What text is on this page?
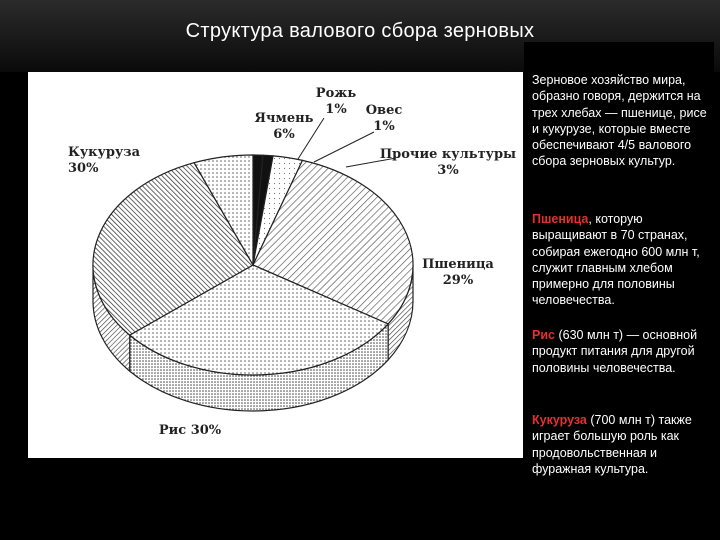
Структура валового сбора зерновых
Рожь 1%	Овес 1%
Прочие культуры 3%
Пшеница 29%
Рис 30%
Кукуруза 30%
Ячмень 6%

Зерновое хозяйство мира, образно говоря, держится на трех хлебах — пшенице, рисе и кукурузе, которые вместе обеспечивают 4/5 валового сбора зерновых культур.

Пшеница, которую выращивают в 70 странах, собирая ежегодно 600 млн т, служит главным хлебом примерно для половины человечества.

Рис (630 млн т) — основной продукт питания для другой половины человечества.

Кукуруза (700 млн т) также играет большую роль как продовольственная и фуражная культура.
